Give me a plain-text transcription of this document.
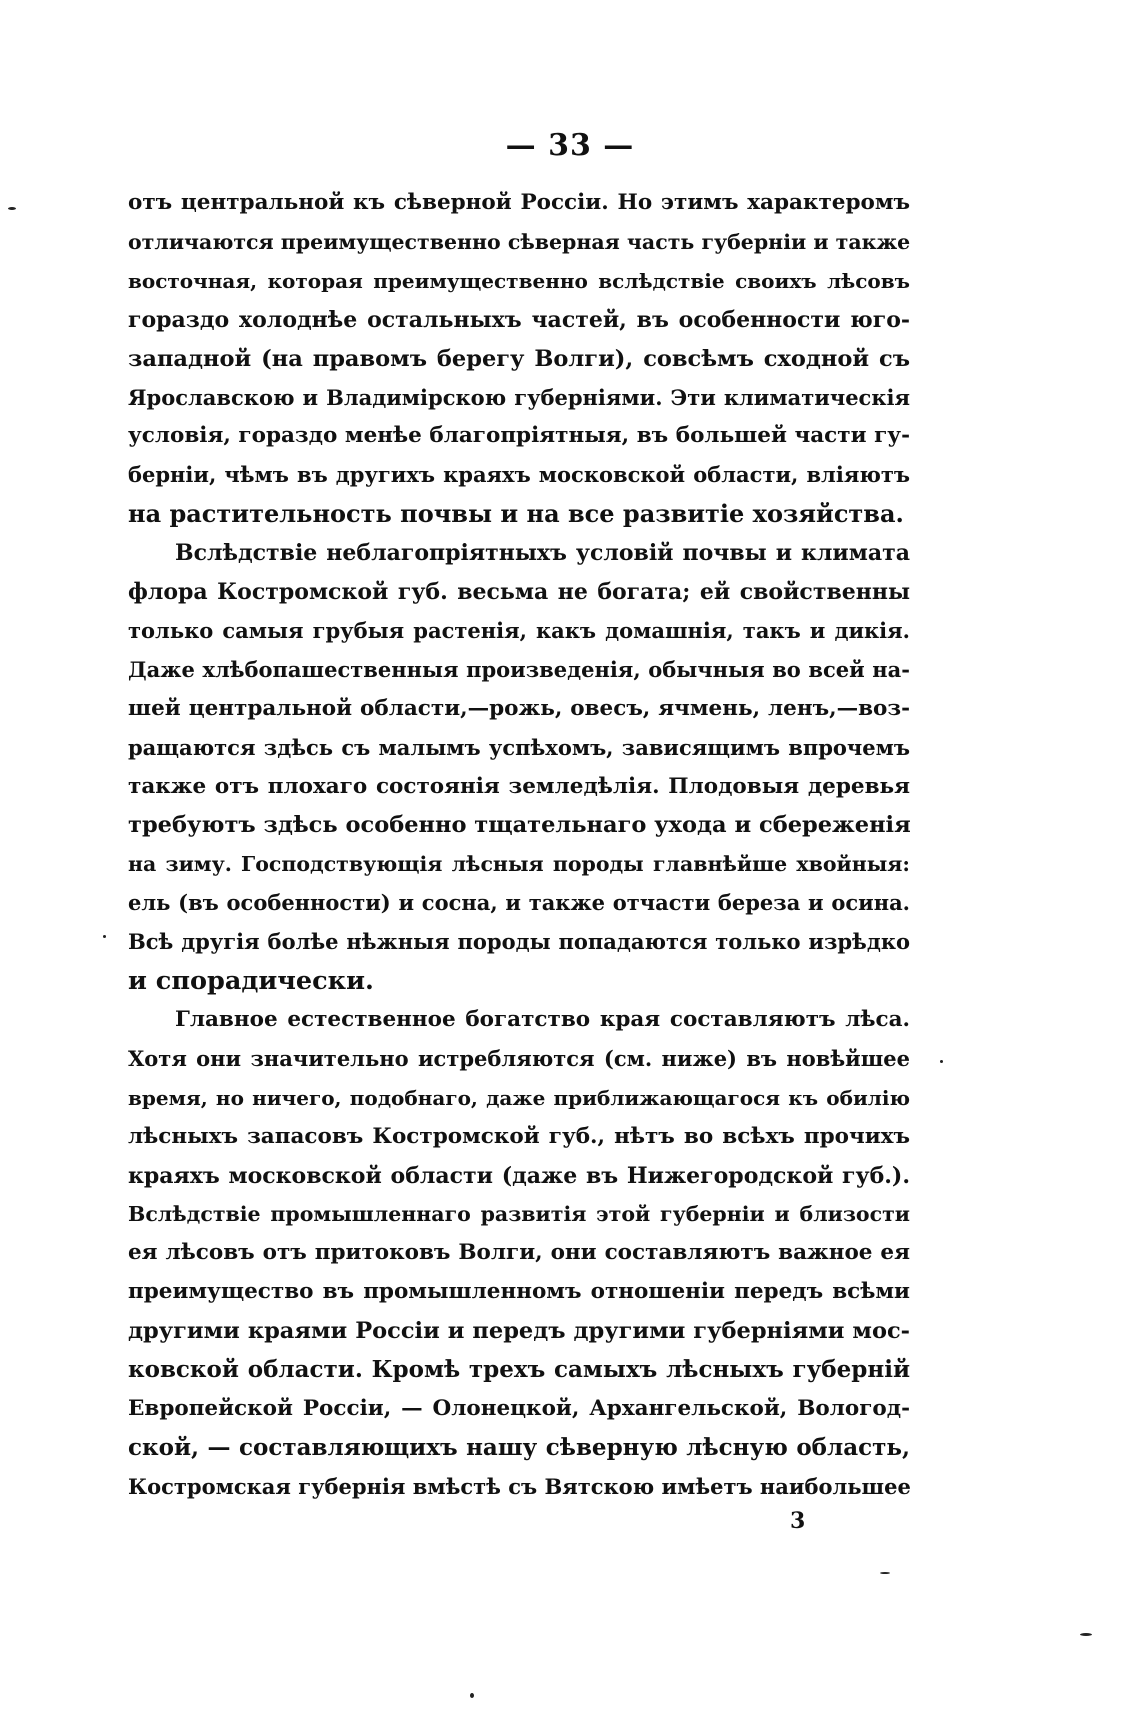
— 33 —
отъ центральной къ сѣверной Россіи. Но этимъ характеромъ
отличаются преимущественно сѣверная часть губерніи и также
восточная, которая преимущественно вслѣдствіе своихъ лѣсовъ
гораздо холоднѣе остальныхъ частей, въ особенности юго-
западной (на правомъ берегу Волги), совсѣмъ сходной съ
Ярославскою и Владимірскою губерніями. Эти климатическія
условія, гораздо менѣе благопріятныя, въ большей части гу-
берніи, чѣмъ въ другихъ краяхъ московской области, вліяютъ
на растительность почвы и на все развитіе хозяйства.
Вслѣдствіе неблагопріятныхъ условій почвы и климата
флора Костромской губ. весьма не богата; ей свойственны
только самыя грубыя растенія, какъ домашнія, такъ и дикія.
Даже хлѣбопашественныя произведенія, обычныя во всей на-
шей центральной области,—рожь, овесъ, ячмень, ленъ,—воз-
ращаются здѣсь съ малымъ успѣхомъ, зависящимъ впрочемъ
также отъ плохаго состоянія земледѣлія. Плодовыя деревья
требуютъ здѣсь особенно тщательнаго ухода и сбереженія
на зиму. Господствующія лѣсныя породы главнѣйше хвойныя:
ель (въ особенности) и сосна, и также отчасти береза и осина.
Всѣ другія болѣе нѣжныя породы попадаются только изрѣдко
и спорадически.
Главное естественное богатство края составляютъ лѣса.
Хотя они значительно истребляются (см. ниже) въ новѣйшее
время, но ничего, подобнаго, даже приближающагося къ обилію
лѣсныхъ запасовъ Костромской губ., нѣтъ во всѣхъ прочихъ
краяхъ московской области (даже въ Нижегородской губ.).
Вслѣдствіе промышленнаго развитія этой губерніи и близости
ея лѣсовъ отъ притоковъ Волги, они составляютъ важное ея
преимущество въ промышленномъ отношеніи передъ всѣми
другими краями Россіи и передъ другими губерніями мос-
ковской области. Кромѣ трехъ самыхъ лѣсныхъ губерній
Европейской Россіи, — Олонецкой, Архангельской, Вологод-
ской, — составляющихъ нашу сѣверную лѣсную область,
Костромская губернія вмѣстѣ съ Вятскою имѣетъ наибольшее
3
